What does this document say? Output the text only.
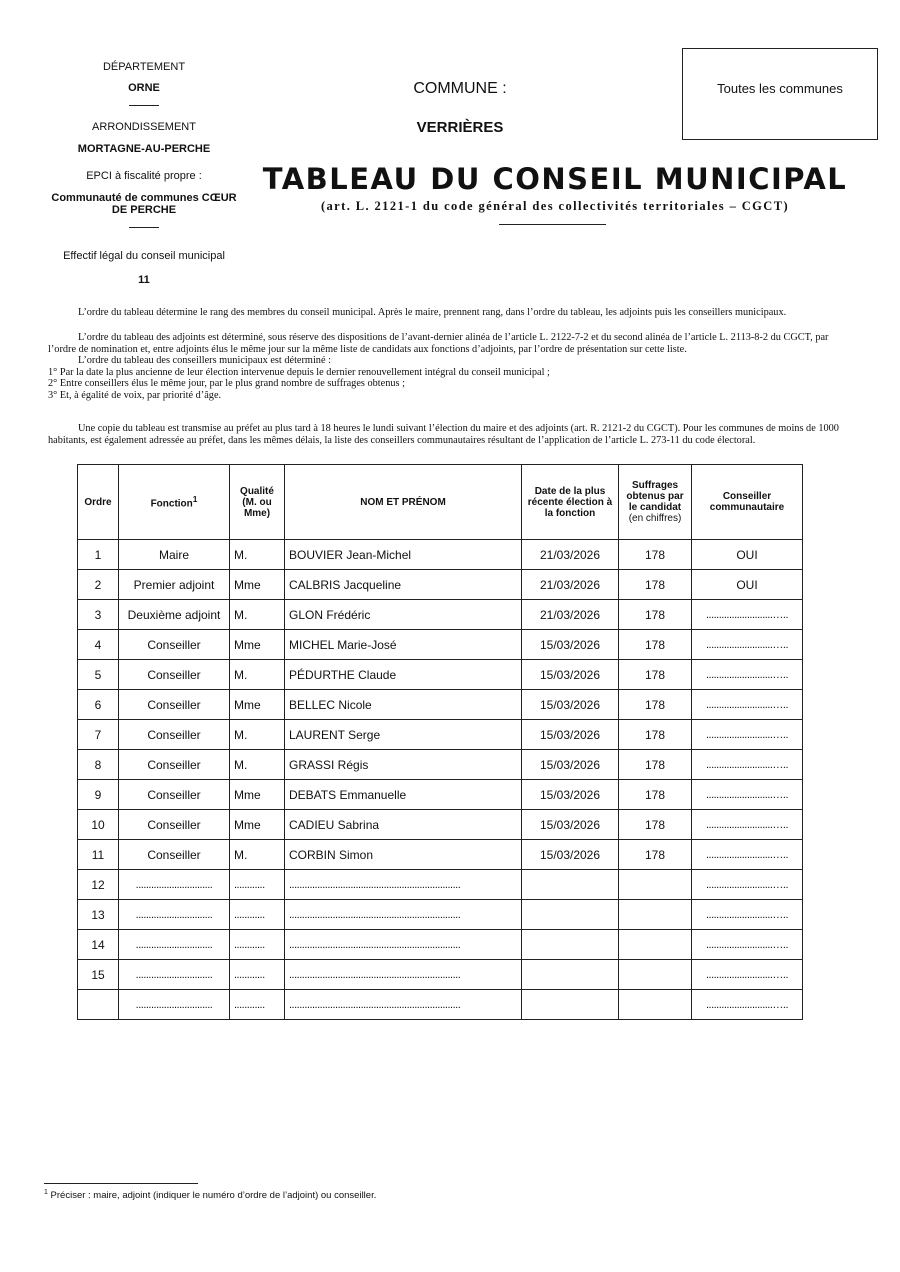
DÉPARTEMENT
ORNE
ARRONDISSEMENT
MORTAGNE-AU-PERCHE
EPCI à fiscalité propre :
Communauté de communes CŒUR DE PERCHE
Effectif légal du conseil municipal
11
COMMUNE :
VERRIÈRES
Toutes les communes
TABLEAU DU CONSEIL MUNICIPAL
(art. L. 2121-1 du code général des collectivités territoriales – CGCT)

L’ordre du tableau détermine le rang des membres du conseil municipal. Après le maire, prennent rang, dans l’ordre du tableau, les adjoints puis les conseillers municipaux.

L’ordre du tableau des adjoints est déterminé, sous réserve des dispositions de l’avant-dernier alinéa de l’article L. 2122-7-2 et du second alinéa de l’article L. 2113-8-2 du CGCT, par l’ordre de nomination et, entre adjoints élus le même jour sur la même liste de candidats aux fonctions d’adjoints, par l’ordre de présentation sur cette liste.

L’ordre du tableau des conseillers municipaux est déterminé :

1° Par la date la plus ancienne de leur élection intervenue depuis le dernier renouvellement intégral du conseil municipal ;

2° Entre conseillers élus le même jour, par le plus grand nombre de suffrages obtenus ;

3° Et, à égalité de voix, par priorité d’âge.

Une copie du tableau est transmise au préfet au plus tard à 18 heures le lundi suivant l’élection du maire et des adjoints (art. R. 2121-2 du CGCT). Pour les communes de moins de 1000 habitants, est également adressée au préfet, dans les mêmes délais, la liste des conseillers communautaires résultant de l’application de l’article L. 273-11 du code électoral.

Ordre	Fonction$^1$	Qualité (M. ou Mme)	NOM ET PRÉNOM	Date de la plus récente élection à la fonction	Suffrages obtenus par le candidat
(en chiffres)	Conseiller communautaire
1	Maire	M.	BOUVIER Jean-Michel	21/03/2026	178	OUI
2	Premier adjoint	Mme	CALBRIS Jacqueline	21/03/2026	178	OUI
3	Deuxième adjoint	M.	GLON Frédéric	21/03/2026	178	..........................…..
4	Conseiller	Mme	MICHEL Marie-José	15/03/2026	178	..........................…..
5	Conseiller	M.	PÉDURTHE Claude	15/03/2026	178	..........................…..
6	Conseiller	Mme	BELLEC Nicole	15/03/2026	178	..........................…..
7	Conseiller	M.	LAURENT Serge	15/03/2026	178	..........................…..
8	Conseiller	M.	GRASSI Régis	15/03/2026	178	..........................…..
9	Conseiller	Mme	DEBATS Emmanuelle	15/03/2026	178	..........................…..
10	Conseiller	Mme	CADIEU Sabrina	15/03/2026	178	..........................…..
11	Conseiller	M.	CORBIN Simon	15/03/2026	178	..........................…..
12	..............................	............	...................................................................			..........................…..
13	..............................	............	...................................................................			..........................…..
14	..............................	............	...................................................................			..........................…..
15	..............................	............	...................................................................			..........................…..
	..............................	............	...................................................................			..........................…..
$^1$ Préciser : maire, adjoint (indiquer le numéro d’ordre de l’adjoint) ou conseiller.
